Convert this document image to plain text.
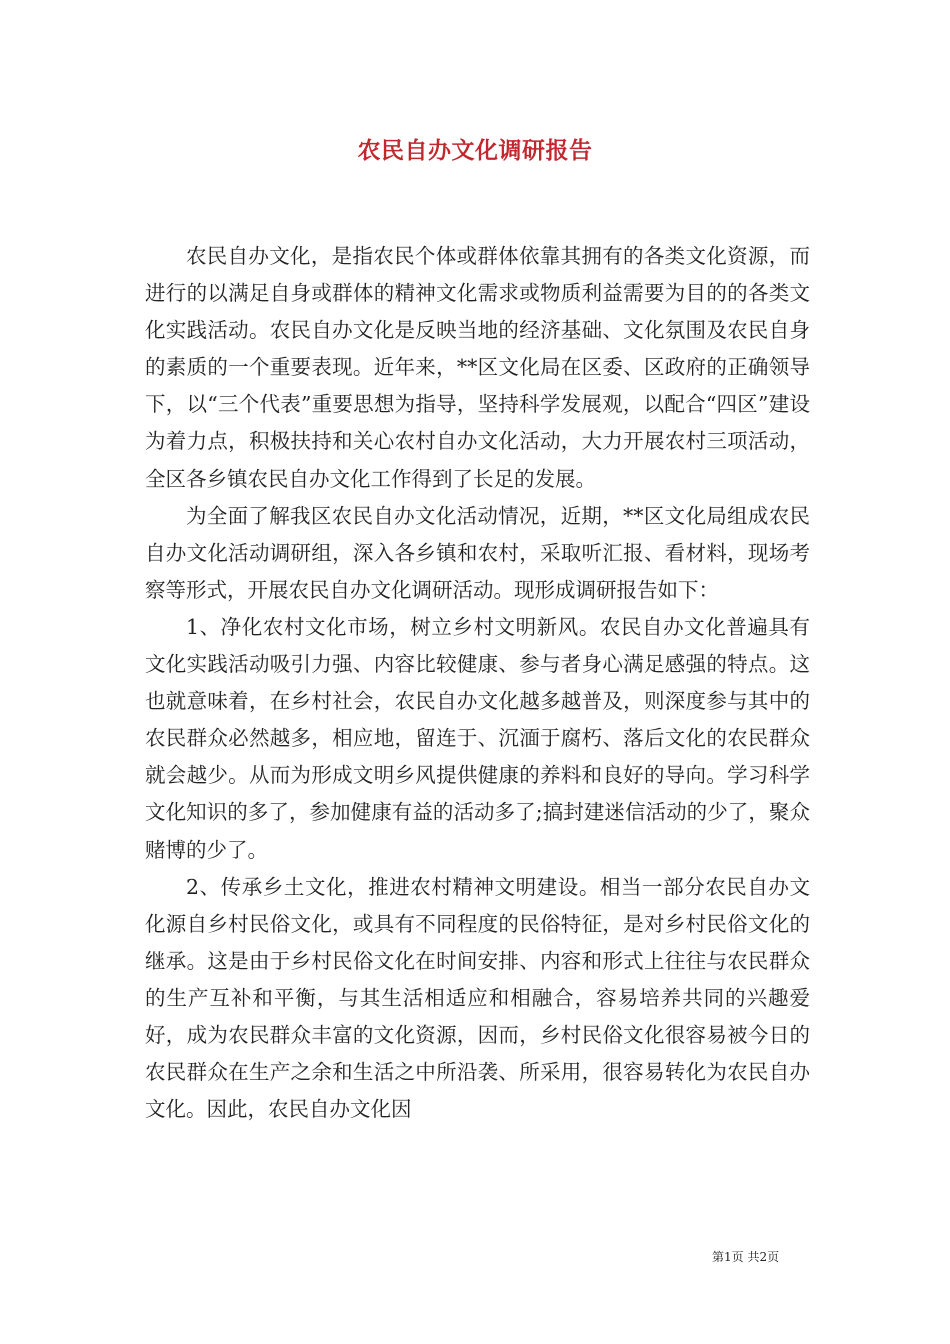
农民自办文化调研报告

农民自办文化，是指农民个体或群体依靠其拥有的各类文化资源，而进行的以满足自身或群体的精神文化需求或物质利益需要为目的的各类文化实践活动。农民自办文化是反映当地的经济基础、文化氛围及农民自身的素质的一个重要表现。近年来，**区文化局在区委、区政府的正确领导下，以“三个代表”重要思想为指导，坚持科学发展观，以配合“四区”建设为着力点，积极扶持和关心农村自办文化活动，大力开展农村三项活动，全区各乡镇农民自办文化工作得到了长足的发展。

为全面了解我区农民自办文化活动情况，近期，**区文化局组成农民自办文化活动调研组，深入各乡镇和农村，采取听汇报、看材料，现场考察等形式，开展农民自办文化调研活动。现形成调研报告如下：

1、净化农村文化市场，树立乡村文明新风。农民自办文化普遍具有文化实践活动吸引力强、内容比较健康、参与者身心满足感强的特点。这也就意味着，在乡村社会，农民自办文化越多越普及，则深度参与其中的农民群众必然越多，相应地，留连于、沉湎于腐朽、落后文化的农民群众就会越少。从而为形成文明乡风提供健康的养料和良好的导向。学习科学文化知识的多了，参加健康有益的活动多了;搞封建迷信活动的少了，聚众赌博的少了。

2、传承乡土文化，推进农村精神文明建设。相当一部分农民自办文化源自乡村民俗文化，或具有不同程度的民俗特征，是对乡村民俗文化的继承。这是由于乡村民俗文化在时间安排、内容和形式上往往与农民群众的生产互补和平衡，与其生活相适应和相融合，容易培养共同的兴趣爱好，成为农民群众丰富的文化资源，因而，乡村民俗文化很容易被今日的农民群众在生产之余和生活之中所沿袭、所采用，很容易转化为农民自办文化。因此，农民自办文化因

第1页 共2页
